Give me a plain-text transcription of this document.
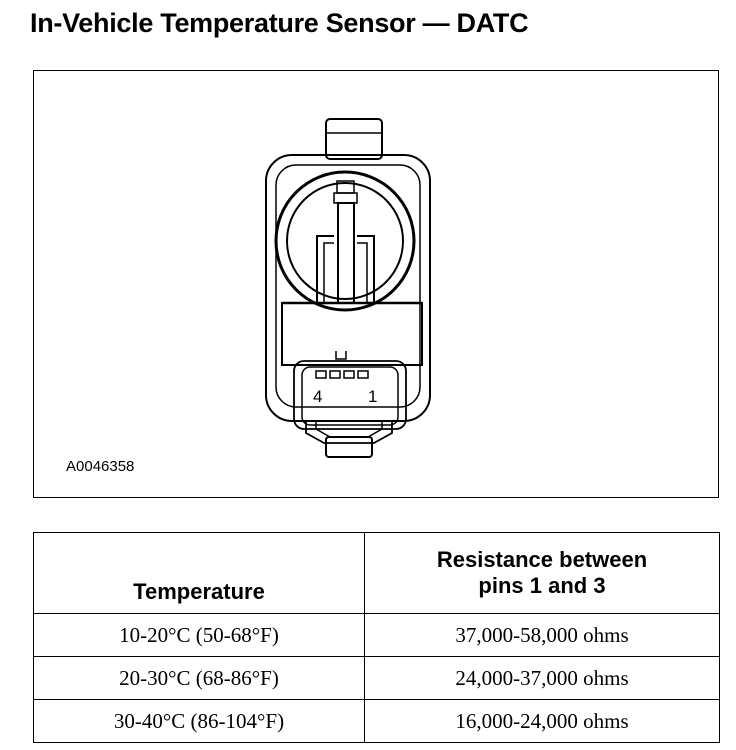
In-Vehicle Temperature Sensor — DATC
4	1
A0046358
Temperature	Resistance between pins 1 and 3
10-20°C (50-68°F)	37,000-58,000 ohms
20-30°C (68-86°F)	24,000-37,000 ohms
30-40°C (86-104°F)	16,000-24,000 ohms
